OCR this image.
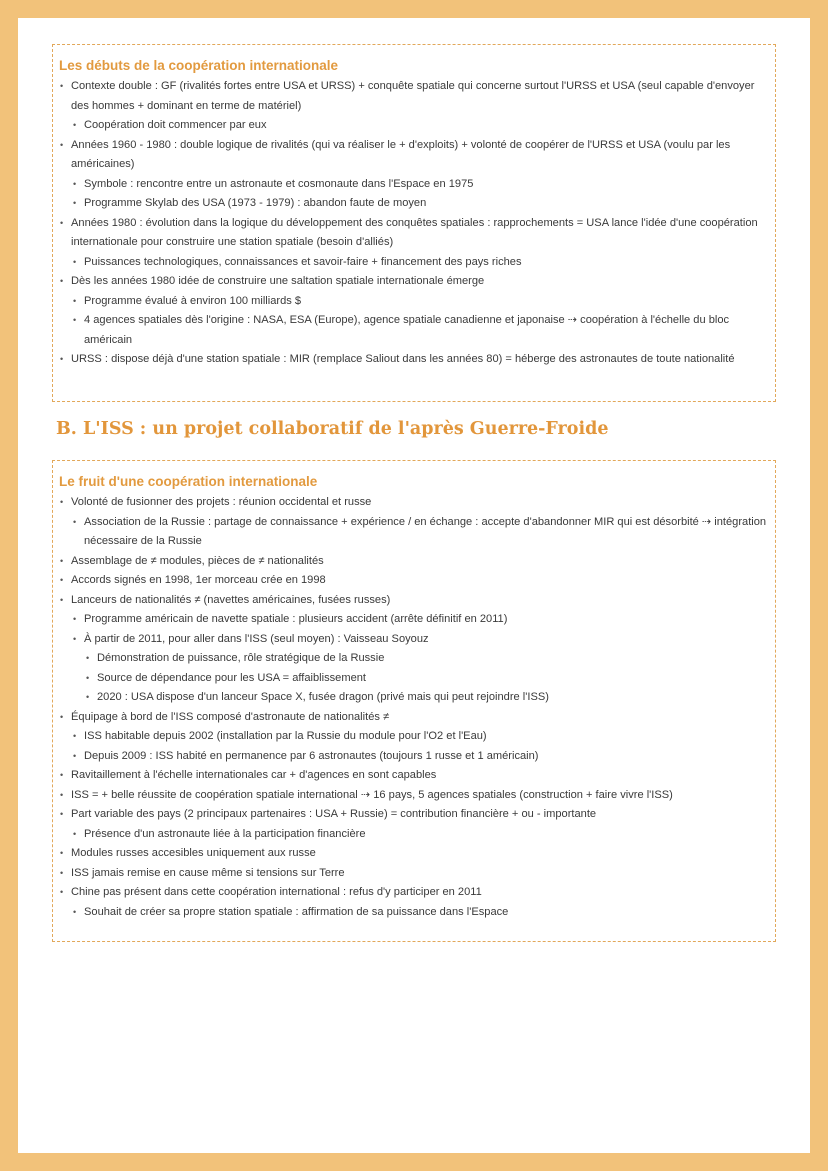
Les débuts de la coopération internationale
• Contexte double : GF (rivalités fortes entre USA et URSS) + conquête spatiale qui concerne surtout l'URSS et USA (seul capable d'envoyer des hommes + dominant en terme de matériel)
• Coopération doit commencer par eux
• Années 1960 - 1980 : double logique de rivalités (qui va réaliser le + d'exploits) + volonté de coopérer de l'URSS et USA (voulu par les américaines)
• Symbole : rencontre entre un astronaute et cosmonaute dans l'Espace en 1975
• Programme Skylab des USA (1973 - 1979) : abandon faute de moyen
• Années 1980 : évolution dans la logique du développement des conquêtes spatiales : rapprochements = USA lance l'idée d'une coopération internationale pour construire une station spatiale (besoin d'alliés)
• Puissances technologiques, connaissances et savoir-faire + financement des pays riches
• Dès les années 1980 idée de construire une saltation spatiale internationale émerge
• Programme évalué à environ 100 milliards $
• 4 agences spatiales dès l'origine : NASA, ESA (Europe), agence spatiale canadienne et japonaise ⇢ coopération à l'échelle du bloc américain
• URSS : dispose déjà d'une station spatiale : MIR (remplace Saliout dans les années 80) = héberge des astronautes de toute nationalité
B. L'ISS : un projet collaboratif de l'après Guerre-Froide
Le fruit d'une coopération internationale
• Volonté de fusionner des projets : réunion occidental et russe
• Association de la Russie : partage de connaissance + expérience / en échange : accepte d'abandonner MIR qui est désorbité ⇢ intégration nécessaire de la Russie
• Assemblage de ≠ modules, pièces de ≠ nationalités
• Accords signés en 1998, 1er morceau crée en 1998
• Lanceurs de nationalités ≠ (navettes américaines, fusées russes)
• Programme américain de navette spatiale : plusieurs accident (arrête définitif en 2011)
• À partir de 2011, pour aller dans l'ISS (seul moyen) : Vaisseau Soyouz
• Démonstration de puissance, rôle stratégique de la Russie
• Source de dépendance pour les USA = affaiblissement
• 2020 : USA dispose d'un lanceur Space X, fusée dragon (privé mais qui peut rejoindre l'ISS)
• Équipage à bord de l'ISS composé d'astronaute de nationalités ≠
• ISS habitable depuis 2002 (installation par la Russie du module pour l'O2 et l'Eau)
• Depuis 2009 : ISS habité en permanence par 6 astronautes (toujours 1 russe et 1 américain)
• Ravitaillement à l'échelle internationales car + d'agences en sont capables
• ISS = + belle réussite de coopération spatiale international ⇢ 16 pays, 5 agences spatiales (construction + faire vivre l'ISS)
• Part variable des pays (2 principaux partenaires : USA + Russie) = contribution financière + ou - importante
• Présence d'un astronaute liée à la participation financière
• Modules russes accesibles uniquement aux russe
• ISS jamais remise en cause même si tensions sur Terre
• Chine pas présent dans cette coopération international : refus d'y participer en 2011
• Souhait de créer sa propre station spatiale : affirmation de sa puissance dans l'Espace
